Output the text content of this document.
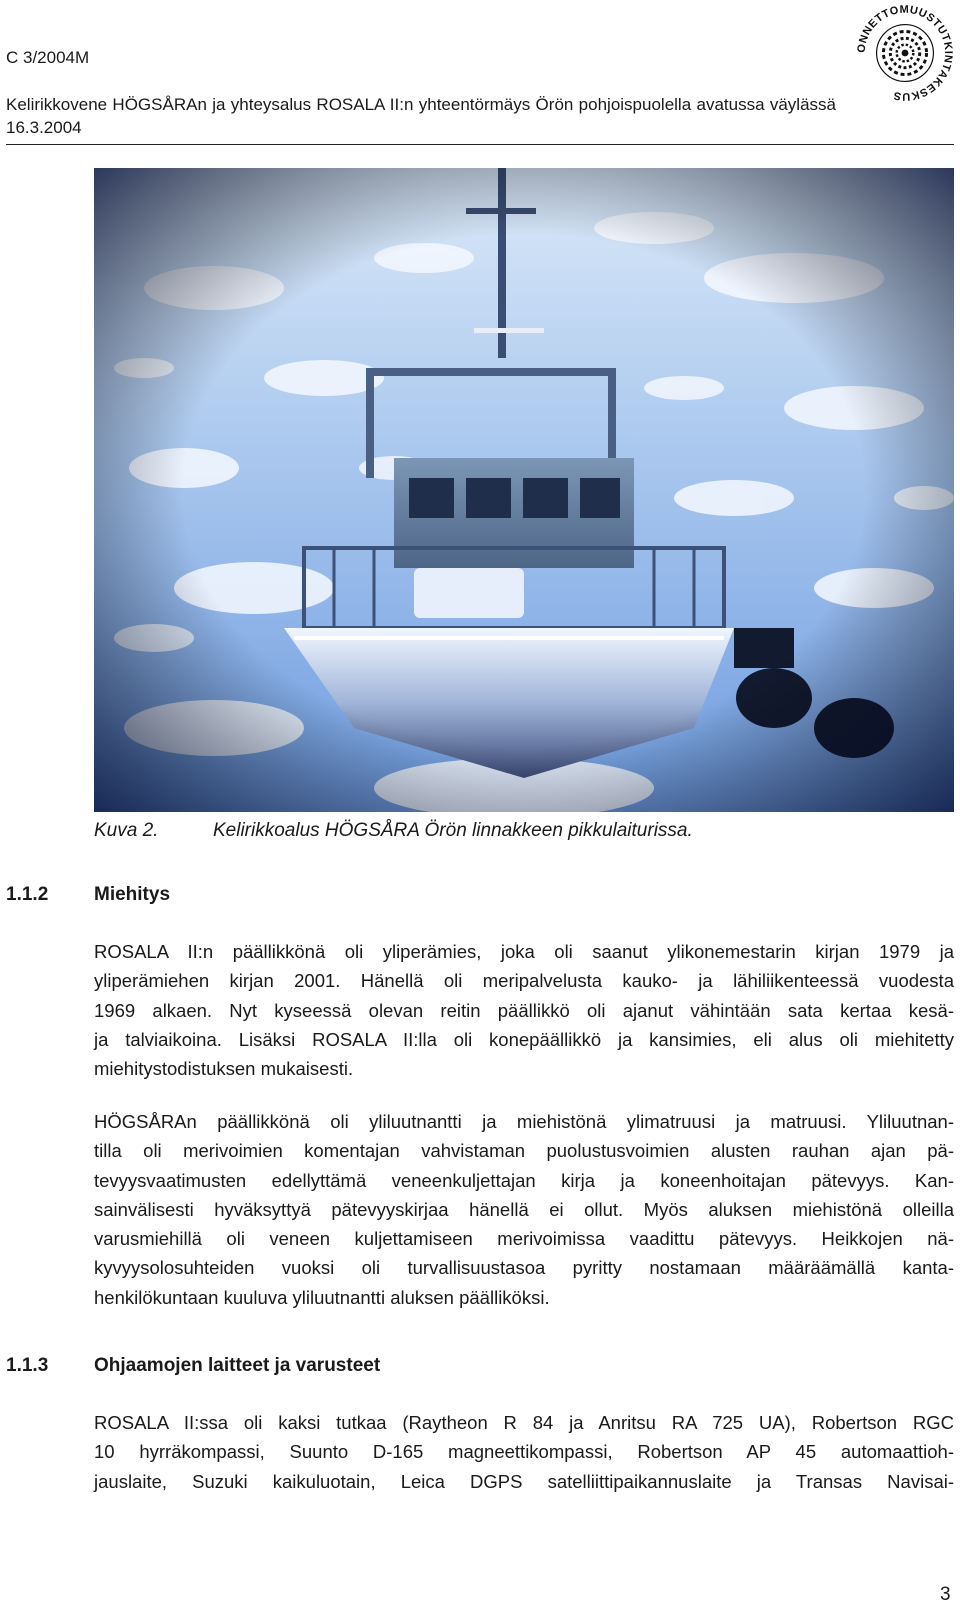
C 3/2004M
Kelirikkovene HÖGSÅRAn ja yhteysalus ROSALA II:n yhteentörmäys Örön pohjoispuolella avatussa väylässä 16.3.2004
ONNETTOMUUSTUTKINTAKESKUS
Kuva 2.	Kelirikkoalus HÖGSÅRA Örön linnakkeen pikkulaiturissa.
1.1.2 Miehitys
ROSALA II:n päällikkönä oli yliperämies, joka oli saanut ylikonemestarin kirjan 1979 ja
yliperämiehen kirjan 2001. Hänellä oli meripalvelusta kauko- ja lähiliikenteessä vuodesta
1969 alkaen. Nyt kyseessä olevan reitin päällikkö oli ajanut vähintään sata kertaa kesä-
ja talviaikoina. Lisäksi ROSALA II:lla oli konepäällikkö ja kansimies, eli alus oli miehitetty
miehitystodistuksen mukaisesti.
HÖGSÅRAn päällikkönä oli yliluutnantti ja miehistönä ylimatruusi ja matruusi. Yliluutnan-
tilla oli merivoimien komentajan vahvistaman puolustusvoimien alusten rauhan ajan pä-
tevyysvaatimusten edellyttämä veneenkuljettajan kirja ja koneenhoitajan pätevyys. Kan-
sainvälisesti hyväksyttyä pätevyyskirjaa hänellä ei ollut. Myös aluksen miehistönä olleilla
varusmiehillä oli veneen kuljettamiseen merivoimissa vaadittu pätevyys. Heikkojen nä-
kyvyysolosuhteiden vuoksi oli turvallisuustasoa pyritty nostamaan määräämällä kanta-
henkilökuntaan kuuluva yliluutnantti aluksen päälliköksi.
1.1.3 Ohjaamojen laitteet ja varusteet
ROSALA II:ssa oli kaksi tutkaa (Raytheon R 84 ja Anritsu RA 725 UA), Robertson RGC
10 hyrräkompassi, Suunto D-165 magneettikompassi, Robertson AP 45 automaattioh-
jauslaite, Suzuki kaikuluotain, Leica DGPS satelliittipaikannuslaite ja Transas Navisai-
3
